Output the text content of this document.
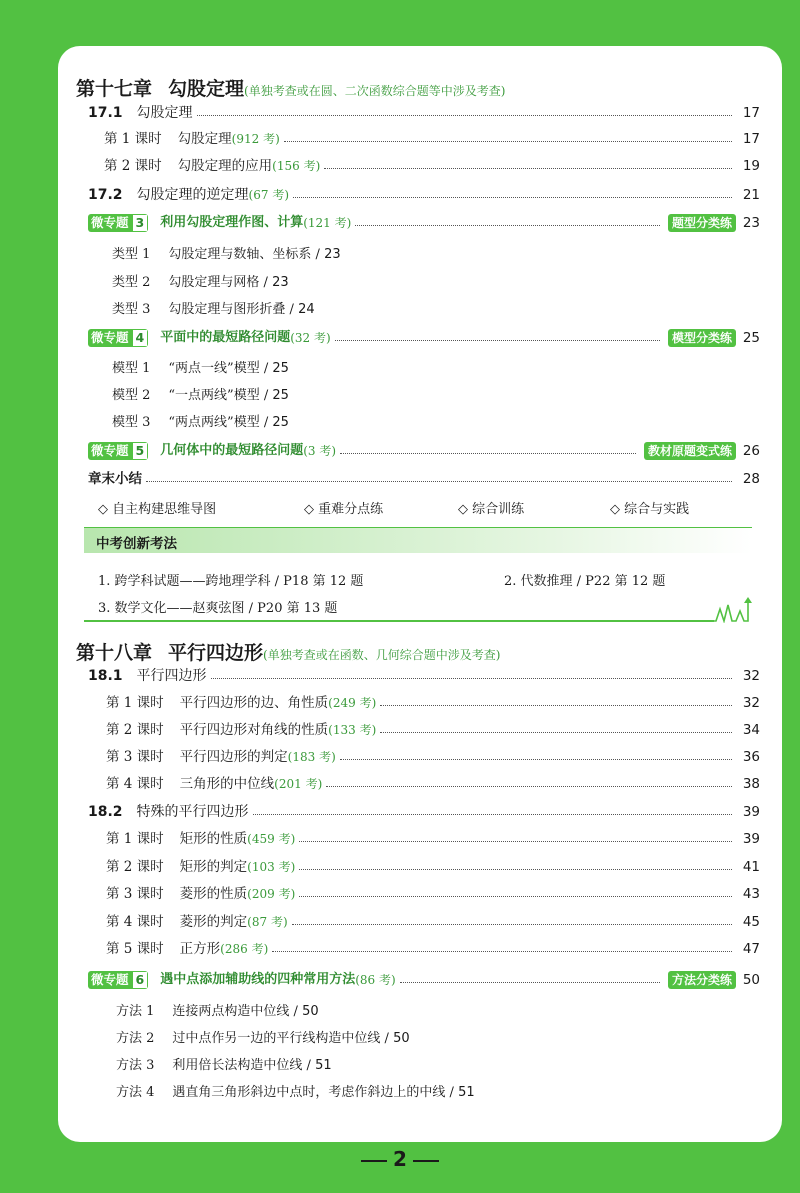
第十七章 勾股定理(单独考查或在圆、二次函数综合题等中涉及考查)
17.1 勾股定理	17
第 1 课时 勾股定理 (912 考)	17
第 2 课时 勾股定理的应用 (156 考)	19
17.2 勾股定理的逆定理 (67 考)	21
微专题 3	利用勾股定理作图、计算 (121 考)	题型分类练 23
类型 1 勾股定理与数轴、坐标系 / 23
类型 2 勾股定理与网格 / 23
类型 3 勾股定理与图形折叠 / 24
微专题 4	平面中的最短路径问题 (32 考)	模型分类练 25
模型 1 “两点一线”模型 / 25
模型 2 “一点两线”模型 / 25
模型 3 “两点两线”模型 / 25
微专题 5	几何体中的最短路径问题 (3 考)	教材原题变式练 26
章末小结	28
◇ 自主构建思维导图	◇ 重难分点练	◇ 综合训练	◇ 综合与实践
中考创新考法
1. 跨学科试题——跨地理学科 / P18 第 12 题	2. 代数推理 / P22 第 12 题
3. 数学文化——赵爽弦图 / P20 第 13 题
第十八章 平行四边形(单独考查或在函数、几何综合题中涉及考查)
18.1 平行四边形	32
第 1 课时 平行四边形的边、角性质 (249 考)	32
第 2 课时 平行四边形对角线的性质 (133 考)	34
第 3 课时 平行四边形的判定 (183 考)	36
第 4 课时 三角形的中位线 (201 考)	38
18.2 特殊的平行四边形	39
第 1 课时 矩形的性质 (459 考)	39
第 2 课时 矩形的判定 (103 考)	41
第 3 课时 菱形的性质 (209 考)	43
第 4 课时 菱形的判定 (87 考)	45
第 5 课时 正方形 (286 考)	47
微专题 6	遇中点添加辅助线的四种常用方法 (86 考)	方法分类练 50
方法 1 连接两点构造中位线 / 50
方法 2 过中点作另一边的平行线构造中位线 / 50
方法 3 利用倍长法构造中位线 / 51
方法 4 遇直角三角形斜边中点时，考虑作斜边上的中线 / 51
2
